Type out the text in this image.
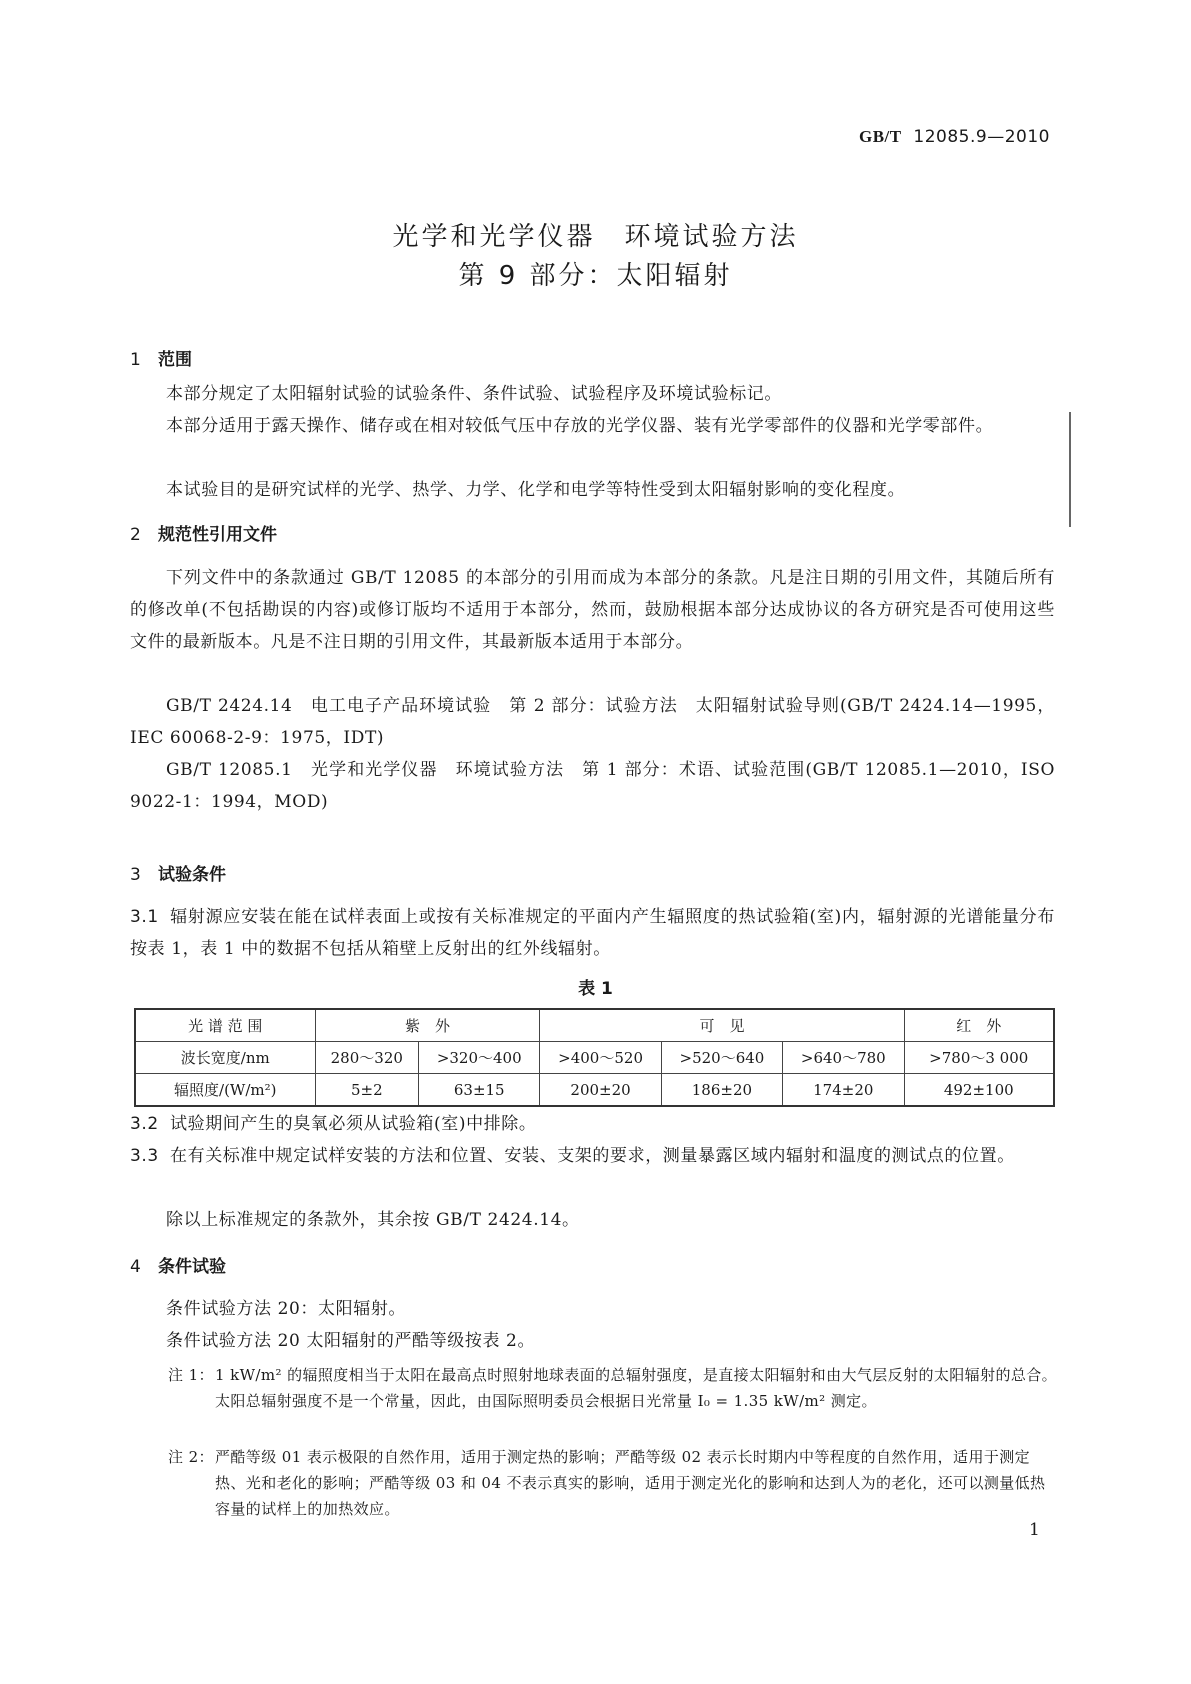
GB/T 12085.9—2010
光学和光学仪器　环境试验方法
第 9 部分：太阳辐射
1 范围
本部分规定了太阳辐射试验的试验条件、条件试验、试验程序及环境试验标记。
本部分适用于露天操作、储存或在相对较低气压中存放的光学仪器、装有光学零部件的仪器和光学零部件。
本试验目的是研究试样的光学、热学、力学、化学和电学等特性受到太阳辐射影响的变化程度。
2 规范性引用文件
下列文件中的条款通过 GB/T 12085 的本部分的引用而成为本部分的条款。凡是注日期的引用文件，其随后所有的修改单(不包括勘误的内容)或修订版均不适用于本部分，然而，鼓励根据本部分达成协议的各方研究是否可使用这些文件的最新版本。凡是不注日期的引用文件，其最新版本适用于本部分。
GB/T 2424.14　电工电子产品环境试验　第 2 部分：试验方法　太阳辐射试验导则(GB/T 2424.14—1995，IEC 60068-2-9：1975，IDT)
GB/T 12085.1　光学和光学仪器　环境试验方法　第 1 部分：术语、试验范围(GB/T 12085.1—2010，ISO 9022-1：1994，MOD)
3 试验条件
3.1 辐射源应安装在能在试样表面上或按有关标准规定的平面内产生辐照度的热试验箱(室)内，辐射源的光谱能量分布按表 1，表 1 中的数据不包括从箱壁上反射出的红外线辐射。
表 1
光 谱 范 围	紫　外		可　见			红　外
波长宽度/nm	280～320	>320～400	>400～520	>520～640	>640～780	>780～3 000
辐照度/(W/m²)	5±2	63±15	200±20	186±20	174±20	492±100
3.2 试验期间产生的臭氧必须从试验箱(室)中排除。
3.3 在有关标准中规定试样安装的方法和位置、安装、支架的要求，测量暴露区域内辐射和温度的测试点的位置。
除以上标准规定的条款外，其余按 GB/T 2424.14。
4 条件试验
条件试验方法 20：太阳辐射。
条件试验方法 20 太阳辐射的严酷等级按表 2。
注 1： 1 kW/m² 的辐照度相当于太阳在最高点时照射地球表面的总辐射强度，是直接太阳辐射和由大气层反射的太阳辐射的总合。太阳总辐射强度不是一个常量，因此，由国际照明委员会根据日光常量 I₀ = 1.35 kW/m² 测定。
注 2： 严酷等级 01 表示极限的自然作用，适用于测定热的影响；严酷等级 02 表示长时期内中等程度的自然作用，适用于测定热、光和老化的影响；严酷等级 03 和 04 不表示真实的影响，适用于测定光化的影响和达到人为的老化，还可以测量低热容量的试样上的加热效应。
1
